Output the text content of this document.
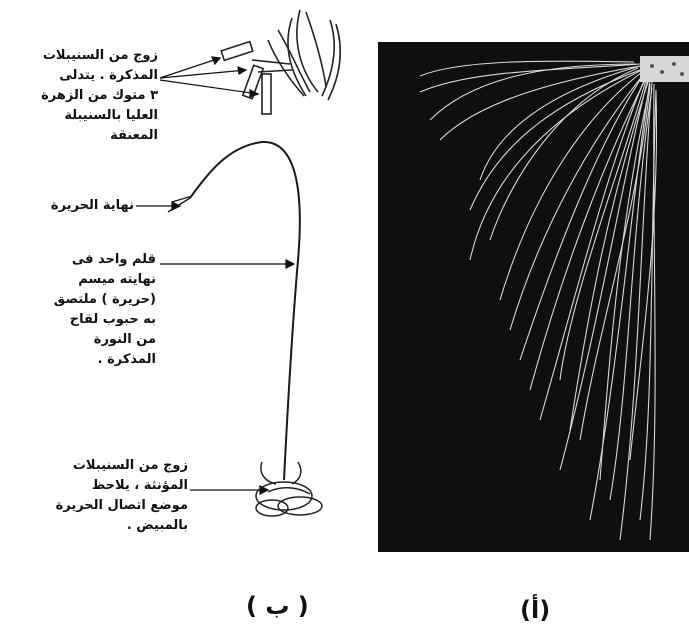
زوج من السنيبلات
المذكرة . يتدلى
٣ متوك من الزهرة
العليا بالسنيبلة
المعنقة
نهاية الحريرة
قلم واحد فى
نهايته ميسم
(حريرة ) ملتصق
به حبوب لقاح
من النورة
المذكرة .
زوج من السنيبلات
المؤنثة ، يلاحظ
موضع اتصال الحريرة
بالمبيض .
( ب )	(أ)
